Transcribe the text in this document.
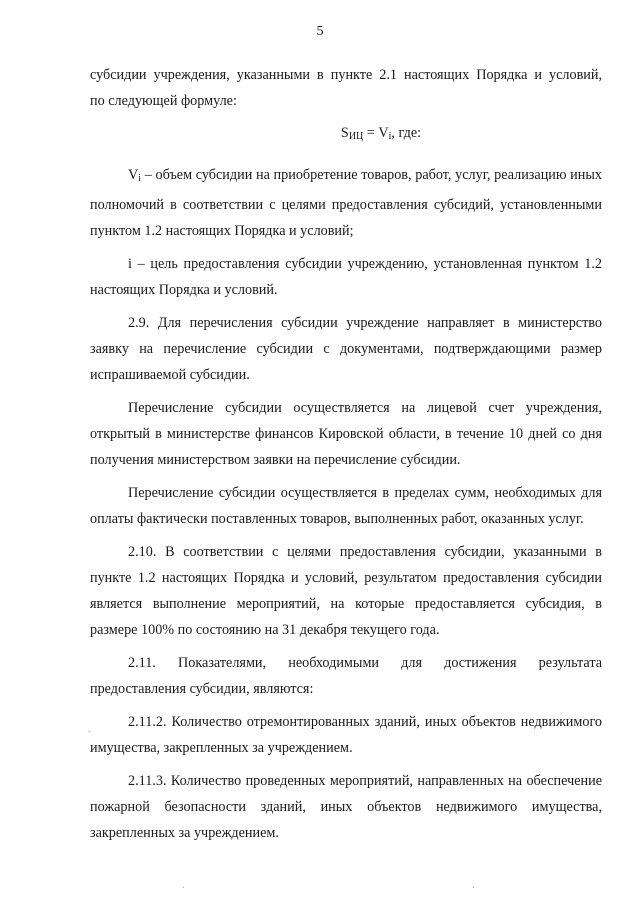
5

субсидии учреждения, указанными в пункте 2.1 настоящих Порядка и условий,

по следующей формуле:

$S_{ИЦ} = V_i$, где:

$V_i$ – объем субсидии на приобретение товаров, работ, услуг, реализацию иных полномочий в соответствии с целями предоставления субсидий, установленными пунктом 1.2 настоящих Порядка и условий;

i – цель предоставления субсидии учреждению, установленная пунктом 1.2 настоящих Порядка и условий.

2.9. Для перечисления субсидии учреждение направляет в министерство заявку на перечисление субсидии с документами, подтверждающими размер испрашиваемой субсидии.

Перечисление субсидии осуществляется на лицевой счет учреждения, открытый в министерстве финансов Кировской области, в течение 10 дней со дня получения министерством заявки на перечисление субсидии.

Перечисление субсидии осуществляется в пределах сумм, необходимых для оплаты фактически поставленных товаров, выполненных работ, оказанных услуг.

2.10. В соответствии с целями предоставления субсидии, указанными в пункте 1.2 настоящих Порядка и условий, результатом предоставления субсидии является выполнение мероприятий, на которые предоставляется субсидия, в размере 100% по состоянию на 31 декабря текущего года.

2.11. Показателями, необходимыми для достижения результата предоставления субсидии, являются:

2.11.2. Количество отремонтированных зданий, иных объектов недвижимого имущества, закрепленных за учреждением.

2.11.3. Количество проведенных мероприятий, направленных на обеспечение пожарной безопасности зданий, иных объектов недвижимого имущества, закрепленных за учреждением.

.
.	.
